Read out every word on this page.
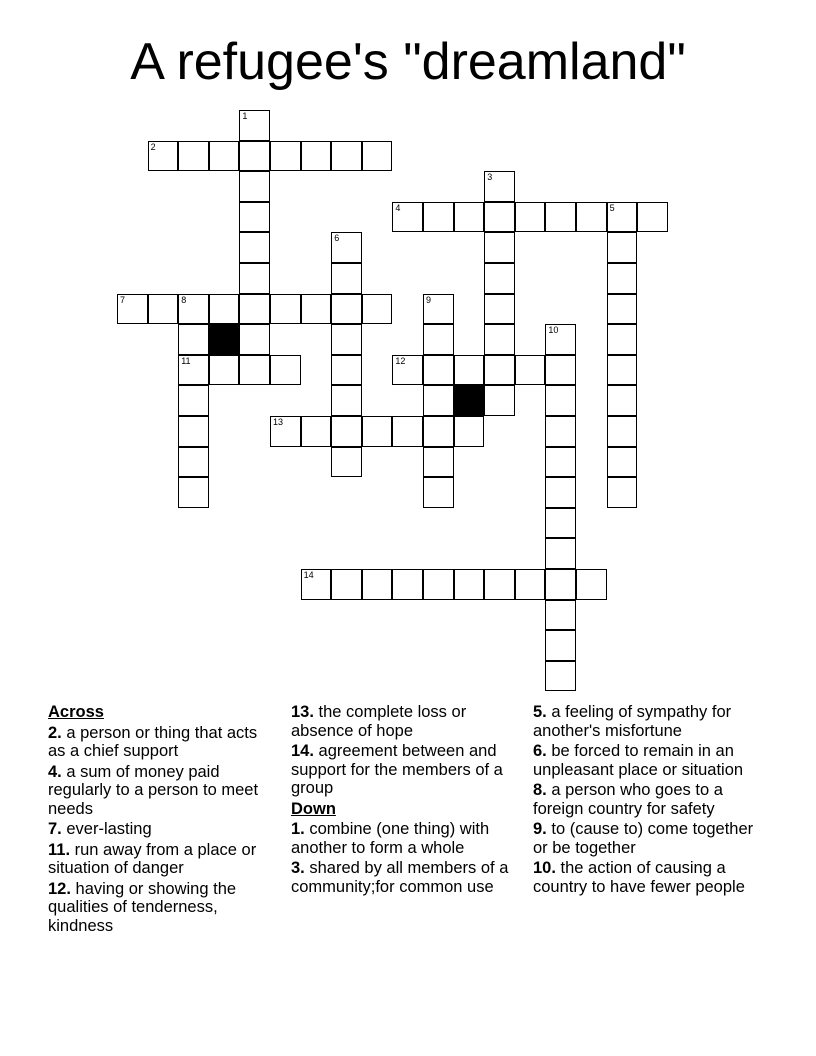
A refugee's "dreamland"
1
2
3
4	5
6
7	8
11
9
10
12
13
14
Across
2. a person or thing that acts as a chief support
4. a sum of money paid regularly to a person to meet needs
7. ever-lasting
11. run away from a place or situation of danger
12. having or showing the qualities of tenderness, kindness
13. the complete loss or absence of hope
14. agreement between and support for the members of a group
Down
1. combine (one thing) with another to form a whole
3. shared by all members of a community;for common use
5. a feeling of sympathy for another's misfortune
6. be forced to remain in an unpleasant place or situation
8. a person who goes to a foreign country for safety
9. to (cause to) come together or be together
10. the action of causing a country to have fewer people
